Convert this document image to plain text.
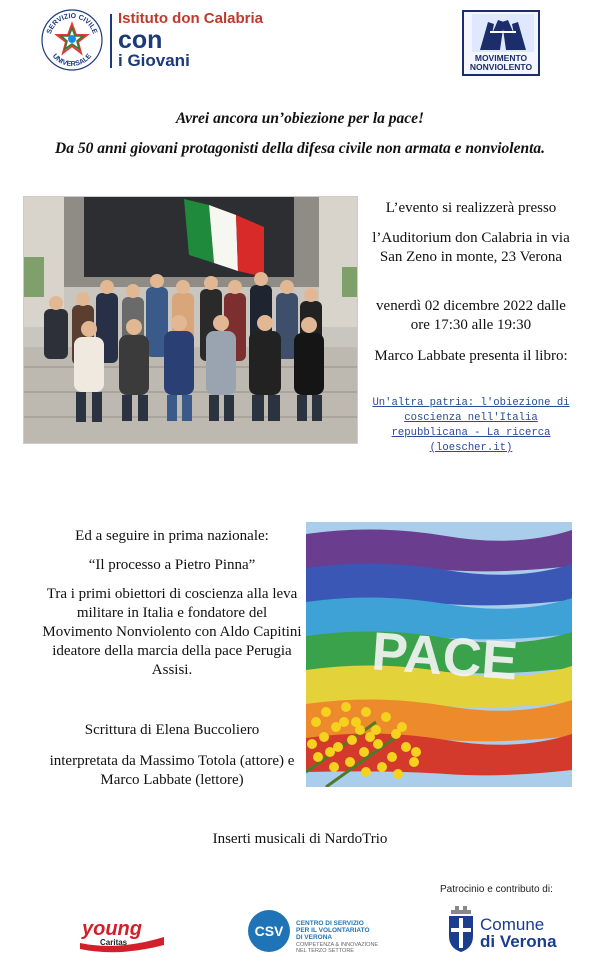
SERVIZIO CIVILE
UNIVERSALE
Istituto don Calabria
con
i Giovani	MOVIMENTO
NONVIOLENTO
Avrei ancora un’obiezione per la pace!
Da 50 anni giovani protagonisti della difesa civile non armata e nonviolenta.
L’evento si realizzerà presso
l’Auditorium don Calabria in via San Zeno in monte, 23 Verona
venerdì 02 dicembre 2022 dalle ore 17:30 alle 19:30
Marco Labbate presenta il libro:
Un'altra patria: l'obiezione di coscienza nell'Italia repubblicana - La ricerca (loescher.it)
Ed a seguire in prima nazionale:
“Il processo a Pietro Pinna”
Tra i primi obiettori di coscienza alla leva militare in Italia e fondatore del Movimento Nonviolento con Aldo Capitini ideatore della marcia della pace Perugia Assisi.
Scrittura di Elena Buccoliero
interpretata da Massimo Totola (attore) e Marco Labbate (lettore)
PACE
Inserti musicali di NardoTrio
Patrocinio e contributo di:
young
Caritas
CSV	CENTRO DI SERVIZIO
PER IL VOLONTARIATO
DI VERONA
COMPETENZA & INNOVAZIONE
NEL TERZO SETTORE
Comune
di Verona
